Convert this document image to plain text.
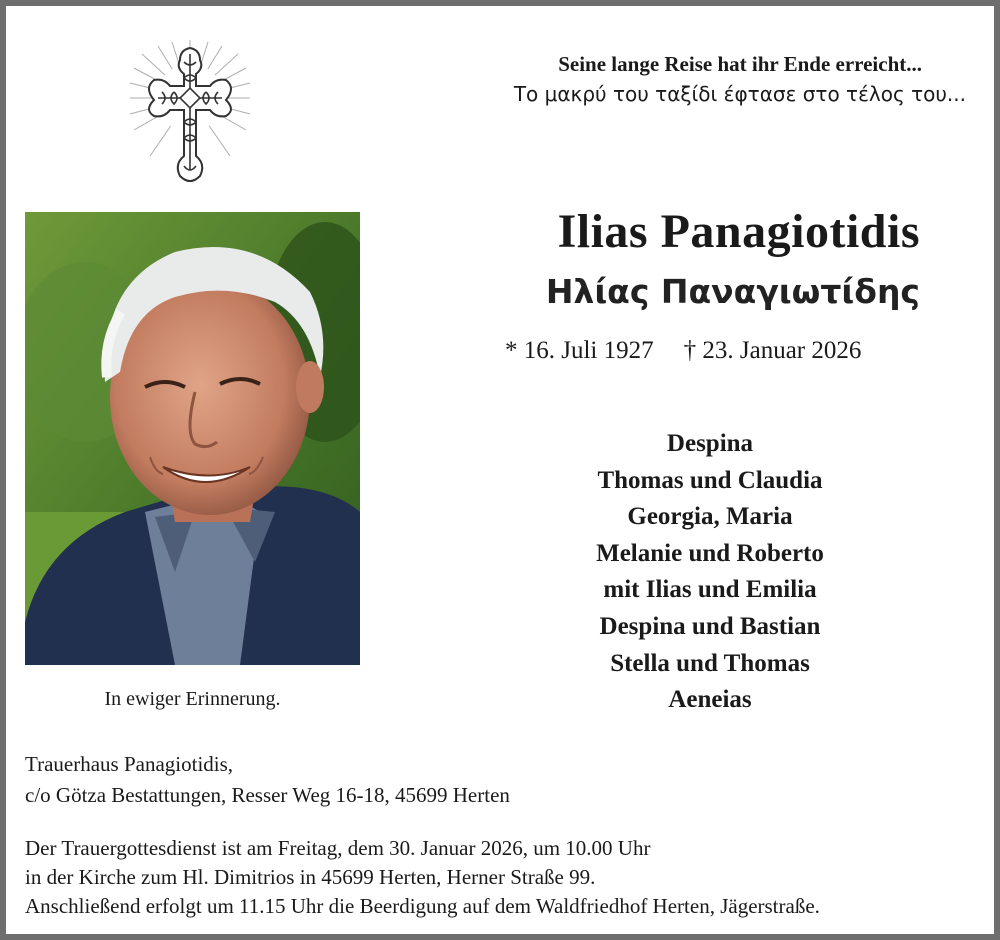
Seine lange Reise hat ihr Ende erreicht...
Το μακρύ του ταξίδι έφτασε στο τέλος του...
In ewiger Erinnerung.
Ilias Panagiotidis
Ηλίας Παναγιωτίδης
* 16. Juli 1927 † 23. Januar 2026
Despina
Thomas und Claudia
Georgia, Maria
Melanie und Roberto
mit Ilias und Emilia
Despina und Bastian
Stella und Thomas
Aeneias
Trauerhaus Panagiotidis,
c/o Götza Bestattungen, Resser Weg 16-18, 45699 Herten
Der Trauergottesdienst ist am Freitag, dem 30. Januar 2026, um 10.00 Uhr
in der Kirche zum Hl. Dimitrios in 45699 Herten, Herner Straße 99.
Anschließend erfolgt um 11.15 Uhr die Beerdigung auf dem Waldfriedhof Herten, Jägerstraße.
